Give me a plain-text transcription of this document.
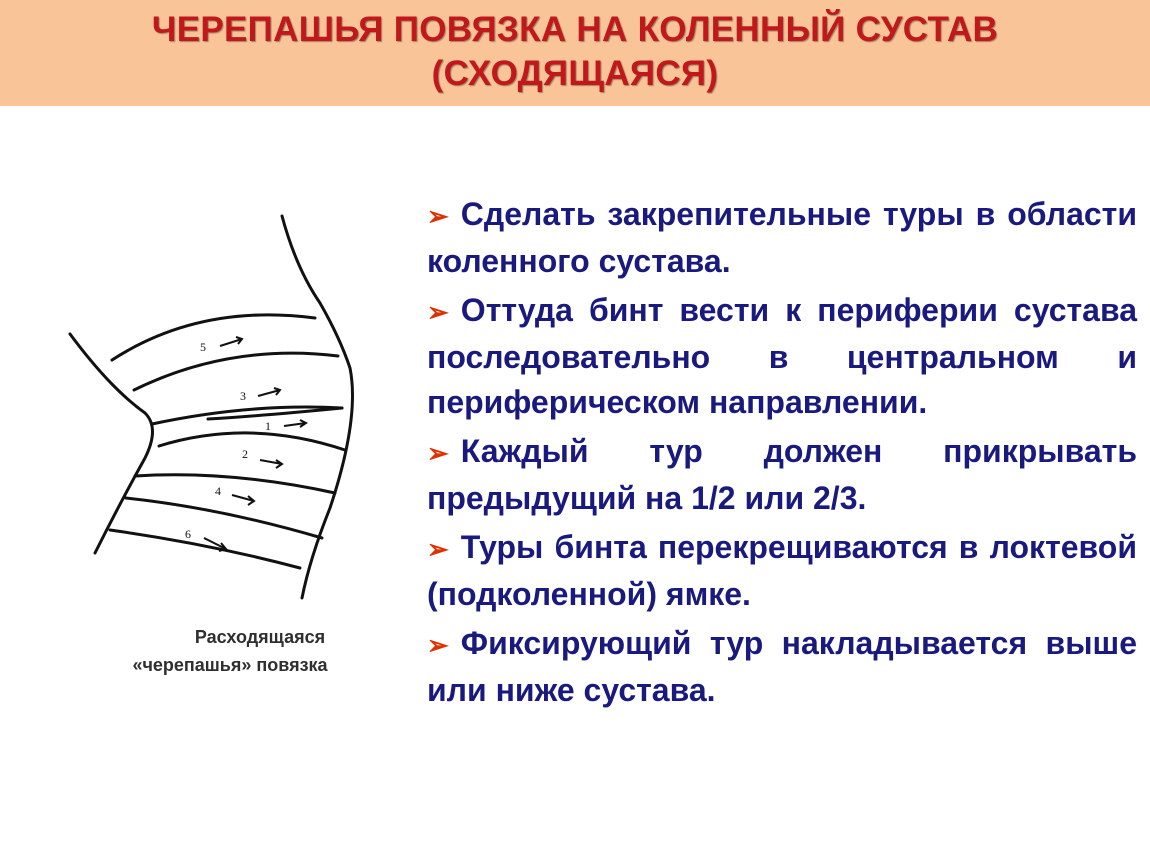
ЧЕРЕПАШЬЯ ПОВЯЗКА НА КОЛЕННЫЙ СУСТАВ
(СХОДЯЩАЯСЯ)
5
3
1
2
4
6
Расходящаяся
«черепашья» повязка
➢ Сделать закрепительные туры в области коленного сустава.
➢ Оттуда бинт вести к периферии сустава последовательно в центральном и периферическом направлении.
➢ Каждый тур должен прикрывать предыдущий на 1/2 или 2/3.
➢ Туры бинта перекрещиваются в локтевой (подколенной) ямке.
➢ Фиксирующий тур накладывается выше или ниже сустава.
